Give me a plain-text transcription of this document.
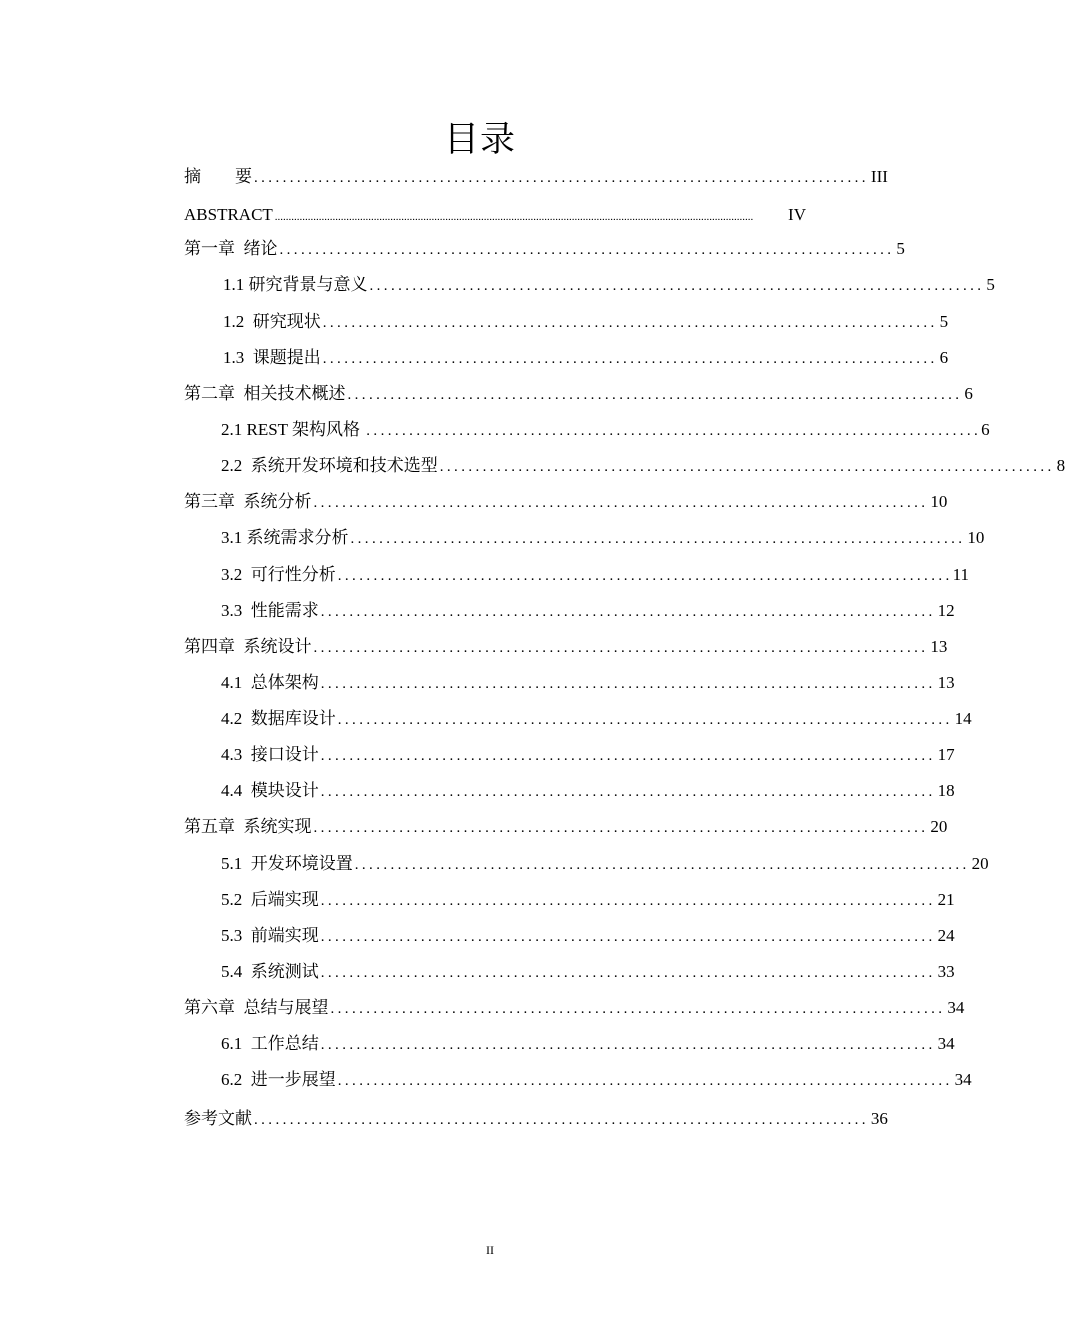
目录
摘        要 ...................................................................................... III
ABSTRACT ..............................................................................................................................................................................	IV
第一章  绪论 ...................................................................................... 5
1.1 研究背景与意义 ...................................................................................... 5
1.2  研究现状 ...................................................................................... 5
1.3  课题提出 ...................................................................................... 6
第二章  相关技术概述 ...................................................................................... 6
2.1 REST 架构风格 ...................................................................................... 6
2.2  系统开发环境和技术选型 ...................................................................................... 8
第三章  系统分析 ...................................................................................... 10
3.1 系统需求分析 ...................................................................................... 10
3.2  可行性分析 ...................................................................................... 11
3.3  性能需求 ...................................................................................... 12
第四章  系统设计 ...................................................................................... 13
4.1  总体架构 ...................................................................................... 13
4.2  数据库设计 ...................................................................................... 14
4.3  接口设计 ...................................................................................... 17
4.4  模块设计 ...................................................................................... 18
第五章  系统实现 ...................................................................................... 20
5.1  开发环境设置 ...................................................................................... 20
5.2  后端实现 ...................................................................................... 21
5.3  前端实现 ...................................................................................... 24
5.4  系统测试 ...................................................................................... 33
第六章  总结与展望 ...................................................................................... 34
6.1  工作总结 ...................................................................................... 34
6.2  进一步展望 ...................................................................................... 34
参考文献 ...................................................................................... 36
II
